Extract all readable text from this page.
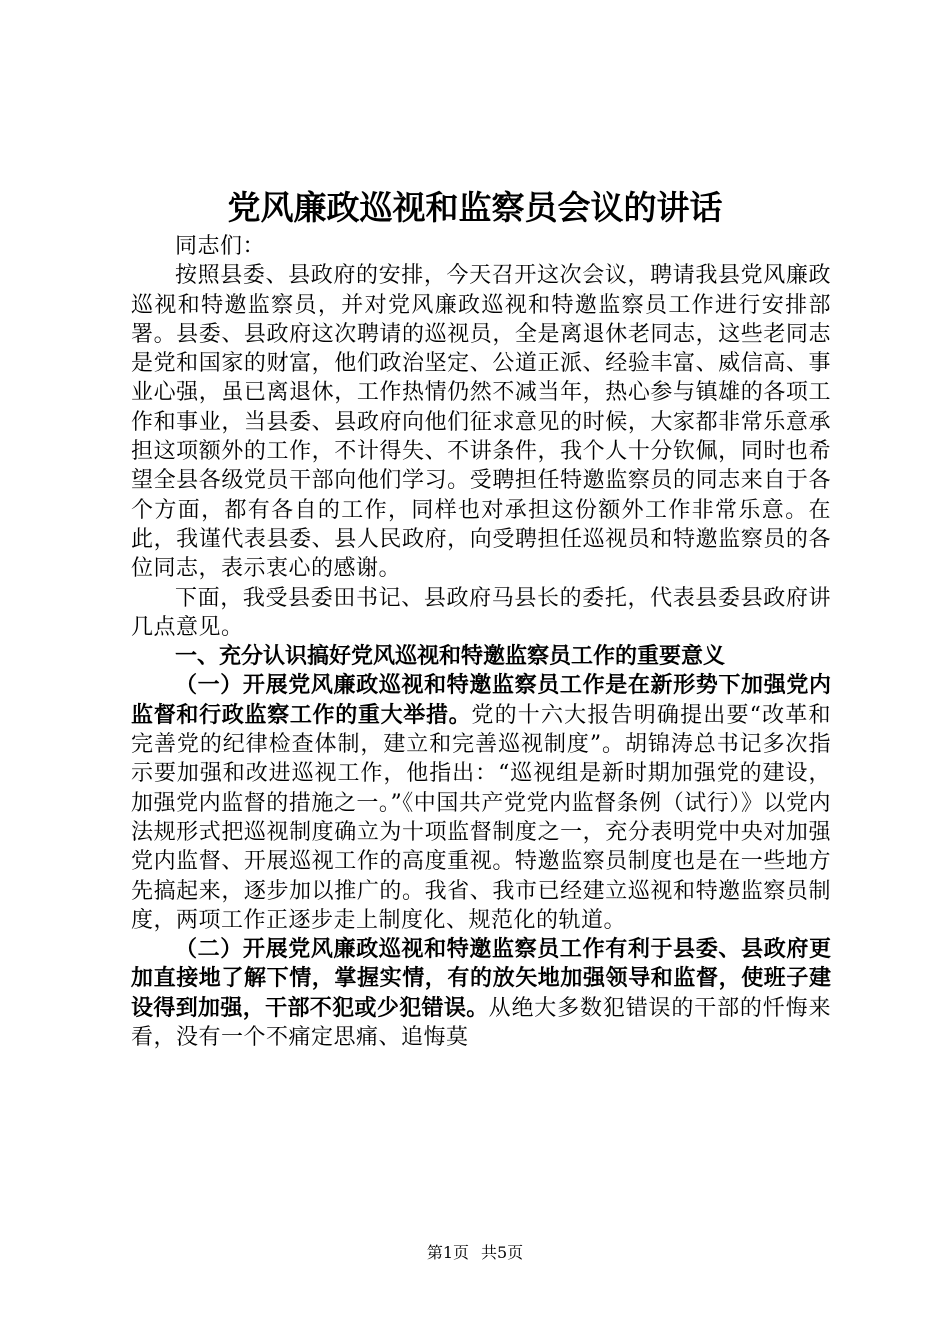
党风廉政巡视和监察员会议的讲话

同志们：

按照县委、县政府的安排，今天召开这次会议，聘请我县党风廉政巡视和特邀监察员，并对党风廉政巡视和特邀监察员工作进行安排部署。县委、县政府这次聘请的巡视员，全是离退休老同志，这些老同志是党和国家的财富，他们政治坚定、公道正派、经验丰富、威信高、事业心强，虽已离退休，工作热情仍然不减当年，热心参与镇雄的各项工作和事业，当县委、县政府向他们征求意见的时候，大家都非常乐意承担这项额外的工作，不计得失、不讲条件，我个人十分钦佩，同时也希望全县各级党员干部向他们学习。受聘担任特邀监察员的同志来自于各个方面，都有各自的工作，同样也对承担这份额外工作非常乐意。在此，我谨代表县委、县人民政府，向受聘担任巡视员和特邀监察员的各位同志，表示衷心的感谢。

下面，我受县委田书记、县政府马县长的委托，代表县委县政府讲几点意见。

一、充分认识搞好党风巡视和特邀监察员工作的重要意义

（一）开展党风廉政巡视和特邀监察员工作是在新形势下加强党内监督和行政监察工作的重大举措。党的十六大报告明确提出要“改革和完善党的纪律检查体制，建立和完善巡视制度”。胡锦涛总书记多次指示要加强和改进巡视工作，他指出：“巡视组是新时期加强党的建设，加强党内监督的措施之一。”《中国共产党党内监督条例（试行）》以党内法规形式把巡视制度确立为十项监督制度之一，充分表明党中央对加强党内监督、开展巡视工作的高度重视。特邀监察员制度也是在一些地方先搞起来，逐步加以推广的。我省、我市已经建立巡视和特邀监察员制度，两项工作正逐步走上制度化、规范化的轨道。

（二）开展党风廉政巡视和特邀监察员工作有利于县委、县政府更加直接地了解下情，掌握实情，有的放矢地加强领导和监督，使班子建设得到加强，干部不犯或少犯错误。从绝大多数犯错误的干部的忏悔来看，没有一个不痛定思痛、追悔莫

第1页 共5页
